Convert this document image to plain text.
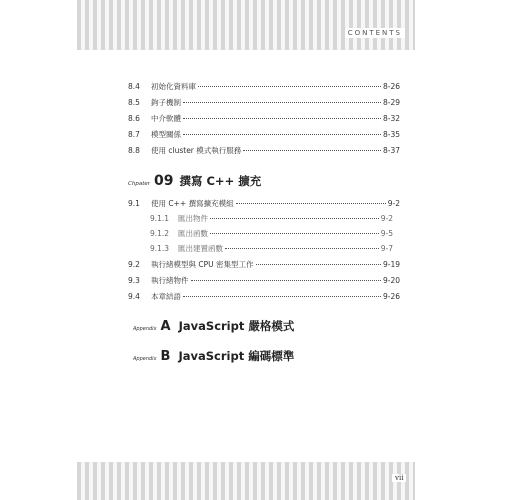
CONTENTS
8.4	初始化資料庫	8-26
8.5	鉤子機制	8-29
8.6	中介軟體	8-32
8.7	模型關係	8-35
8.8	使用 cluster 模式執行服務	8-37
Chpater 09 撰寫 C++ 擴充
9.1	使用 C++ 撰寫擴充模組	9-2
9.1.1	匯出物件	9-2
9.1.2	匯出函數	9-5
9.1.3	匯出建置函數	9-7
9.2	執行緒模型與 CPU 密集型工作	9-19
9.3	執行緒物件	9-20
9.4	本章結語	9-26
Appendix A JavaScript 嚴格模式
Appendix B JavaScript 編碼標準
vii
